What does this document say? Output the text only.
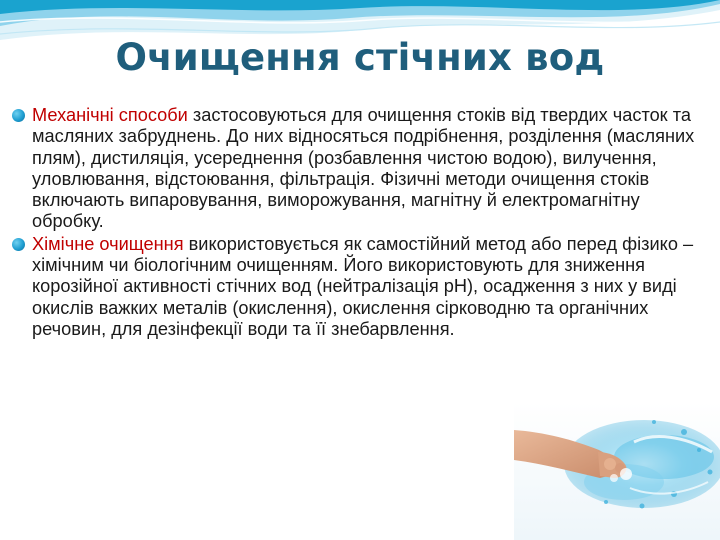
Очищення стічних вод
Механічні способи застосовуються для очищення стоків від твердих часток та масляних забруднень. До них відносяться подрібнення, розділення (масляних плям), дистиляція, усереднення (розбавлення чистою водою), вилучення, уловлювання, відстоювання, фільтрація. Фізичні методи очищення стоків включають випаровування, виморожування, магнітну й електромагнітну обробку.
Хімічне очищення використовується як самостійний метод або перед фізико – хімічним чи біологічним очищенням. Його використовують для зниження корозійної активності стічних вод (нейтралізація pH), осадження з них у виді окислів важких металів (окислення), окислення сірководню та органічних речовин, для дезінфекції води та її знебарвлення.
